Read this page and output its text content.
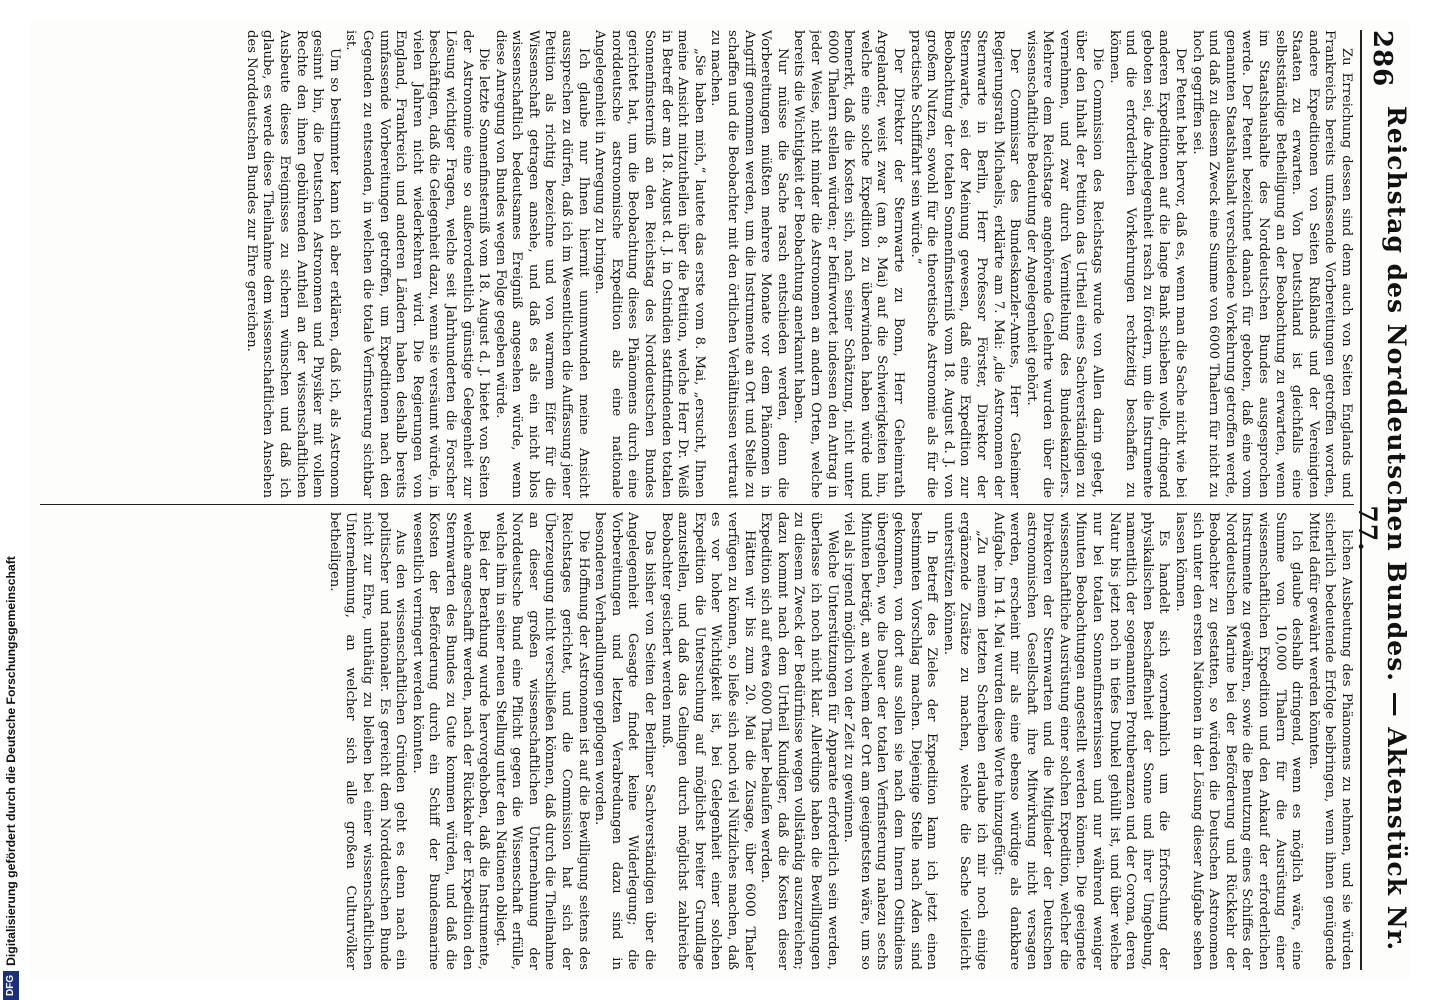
286
Reichstag des Norddeutschen Bundes. — Aktenstück Nr. 77.

Zu Erreichung dessen sind denn auch von Seiten Englands und Frankreichs bereits umfassende Vorbereitungen getroffen worden, andere Expeditionen von Seiten Rußlands und der Vereinigten Staaten zu erwarten. Von Deutschland ist gleichfalls eine selbstständige Betheiligung an der Beobachtung zu erwarten, wenn im Staatshaushalte des Norddeutschen Bundes ausgesprochen werde. Der Petent bezeichnet danach für geboten, daß eine vom genannten Staatshaushalt verschiedene Vorkehrung getroffen werde, und daß zu diesem Zweck eine Summe von 6000 Thalern für nicht zu hoch gegriffen sei.

Der Petent hebt hervor, daß es, wenn man die Sache nicht wie bei anderen Expeditionen auf die lange Bank schieben wolle, dringend geboten sei, die Angelegenheit rasch zu fördern, um die Instrumente und die erforderlichen Vorkehrungen rechtzeitig beschaffen zu können.

Die Commission des Reichstags wurde von Allen darin gelegt, über den Inhalt der Petition das Urtheil eines Sachverständigen zu vernehmen, und zwar durch Vermittelung des Bundeskanzlers. Mehrere dem Reichstage angehörende Gelehrte wurden über die wissenschaftliche Bedeutung der Angelegenheit gehört.

Der Commissar des Bundeskanzler-Amtes, Herr Geheimer Regierungsrath Michaelis, erklärte am 7. Mai: „die Astronomen der Sternwarte in Berlin, Herr Professor Förster, Direktor der Sternwarte, sei der Meinung gewesen, daß eine Expedition zur Beobachtung der totalen Sonnenfinsterniß vom 18. August d. J. von großem Nutzen, sowohl für die theoretische Astronomie als für die practische Schifffahrt sein würde.“

Der Direktor der Sternwarte zu Bonn, Herr Geheimrath Argelander, weist zwar (am 8. Mai) auf die Schwierigkeiten hin, welche eine solche Expedition zu überwinden haben würde und bemerkt, daß die Kosten sich, nach seiner Schätzung, nicht unter 6000 Thalern stellen würden; er befürwortet indessen den Antrag in jeder Weise, nicht minder die Astronomen an andern Orten, welche bereits die Wichtigkeit der Beobachtung anerkannt haben.

Nur müsse die Sache rasch entschieden werden, denn die Vorbereitungen müßten mehrere Monate vor dem Phänomen in Angriff genommen werden, um die Instrumente an Ort und Stelle zu schaffen und die Beobachter mit den örtlichen Verhältnissen vertraut zu machen.

„Sie haben mich,“ lautete das erste vom 8. Mai, „ersucht, Ihnen meine Ansicht mitzutheilen über die Petition, welche Herr Dr. Weiß in Betreff der am 18. August d. J. in Ostindien stattfindenden totalen Sonnenfinsterniß an den Reichstag des Norddeutschen Bundes gerichtet hat, um die Beobachtung dieses Phänomens durch eine norddeutsche astronomische Expedition als eine nationale Angelegenheit in Anregung zu bringen.

Ich glaube nur Ihnen hiermit unumwunden meine Ansicht aussprechen zu dürfen, daß ich im Wesentlichen die Auffassung jener Petition als richtig bezeichne und von warmem Eifer für die Wissenschaft getragen ansehe, und daß es als ein nicht blos wissenschaftlich bedeutsames Ereigniß angesehen würde, wenn diese Anregung von Bundes wegen Folge gegeben würde.

Die letzte Sonnenfinsterniß vom 18. August d. J. bietet von Seiten der Astronomie eine so außerordentlich günstige Gelegenheit zur Lösung wichtiger Fragen, welche seit Jahrhunderten die Forscher beschäftigen, daß die Gelegenheit dazu, wenn sie versäumt würde, in vielen Jahren nicht wiederkehren wird. Die Regierungen von England, Frankreich und anderen Ländern haben deshalb bereits umfassende Vorbereitungen getroffen, um Expeditionen nach den Gegenden zu entsenden, in welchen die totale Verfinsterung sichtbar ist.

Um so bestimmter kann ich aber erklären, daß ich, als Astronom gesinnt bin, die Deutschen Astronomen und Physiker mit vollem Rechte den ihnen gebührenden Antheil an der wissenschaftlichen Ausbeute dieses Ereignisses zu sichern wünschen und daß ich glaube, es werde diese Theilnahme dem wissenschaftlichen Ansehen des Norddeutschen Bundes zur Ehre gereichen.

lichen Ausbeutung des Phänomens zu nehmen, und sie würden sicherlich bedeutende Erfolge beibringen, wenn ihnen genügende Mittel dafür gewährt werden könnten.

Ich glaube deshalb dringend, wenn es möglich wäre, eine Summe von 10,000 Thalern für die Ausrüstung einer wissenschaftlichen Expedition und den Ankauf der erforderlichen Instrumente zu gewähren, sowie die Benutzung eines Schiffes der Norddeutschen Marine bei der Beförderung und Rückkehr der Beobachter zu gestatten, so würden die Deutschen Astronomen sich unter den ersten Nationen in der Lösung dieser Aufgabe sehen lassen können.

Es handelt sich vornehmlich um die Erforschung der physikalischen Beschaffenheit der Sonne und ihrer Umgebung, namentlich der sogenannten Protuberanzen und der Corona, deren Natur bis jetzt noch in tiefes Dunkel gehüllt ist, und über welche nur bei totalen Sonnenfinsternissen und nur während weniger Minuten Beobachtungen angestellt werden können. Die geeignete wissenschaftliche Ausrüstung einer solchen Expedition, welcher die Direktoren der Sternwarten und die Mitglieder der Deutschen astronomischen Gesellschaft ihre Mitwirkung nicht versagen werden, erscheint mir als eine ebenso würdige als dankbare Aufgabe. Im 14. Mai wurden diese Worte hinzugefügt:

„Zu meinem letzten Schreiben erlaube ich mir noch einige ergänzende Zusätze zu machen, welche die Sache vielleicht unterstützen können.

In Betreff des Zieles der Expedition kann ich jetzt einen bestimmten Vorschlag machen. Diejenige Stelle nach Aden sind gekommen, von dort aus sollen sie nach dem Innern Ostindiens übergehen, wo die Dauer der totalen Verfinsterung nahezu sechs Minuten beträgt, an welchem der Ort am geeignetsten wäre, um so viel als irgend möglich von der Zeit zu gewinnen.

Welche Unterstützungen für Apparate erforderlich sein werden, überlasse ich noch nicht klar. Allerdings haben die Bewilligungen zu diesem Zweck der Bedürfnisse wegen vollständig auszureichen; dazu kommt nach dem Urtheil Kundiger, daß die Kosten dieser Expedition sich auf etwa 6000 Thaler belaufen werden.

Hätten wir bis zum 20. Mai die Zusage, über 6000 Thaler verfügen zu können, so ließe sich noch viel Nützliches machen, daß es vor hoher Wichtigkeit ist, bei Gelegenheit einer solchen Expedition die Untersuchung auf möglichst breiter Grundlage anzustellen, und daß das Gelingen durch möglichst zahlreiche Beobachter gesichert werden muß.

Das bisher von Seiten der Berliner Sachverständigen über die Angelegenheit Gesagte findet keine Widerlegung; die Vorbereitungen und letzten Verabredungen dazu sind in besonderen Verhandlungen gepflogen worden.

Die Hoffnung der Astronomen ist auf die Bewilligung seitens des Reichstages gerichtet, und die Commission hat sich der Überzeugung nicht verschließen können, daß durch die Theilnahme an dieser großen wissenschaftlichen Unternehmung der Norddeutsche Bund eine Pflicht gegen die Wissenschaft erfülle, welche ihm in seiner neuen Stellung unter den Nationen obliegt.

Bei der Berathung wurde hervorgehoben, daß die Instrumente, welche angeschafft werden, nach der Rückkehr der Expedition den Sternwarten des Bundes zu Gute kommen würden, und daß die Kosten der Beförderung durch ein Schiff der Bundesmarine wesentlich verringert werden könnten.

Aus den wissenschaftlichen Gründen geht es denn nach ein politischer und nationaler. Es gereicht dem Norddeutschen Bunde nicht zur Ehre, unthätig zu bleiben bei einer wissenschaftlichen Unternehmung, an welcher sich alle großen Culturvölker betheiligen.

DFG
Digitalisierung gefördert durch die Deutsche Forschungsgemeinschaft
